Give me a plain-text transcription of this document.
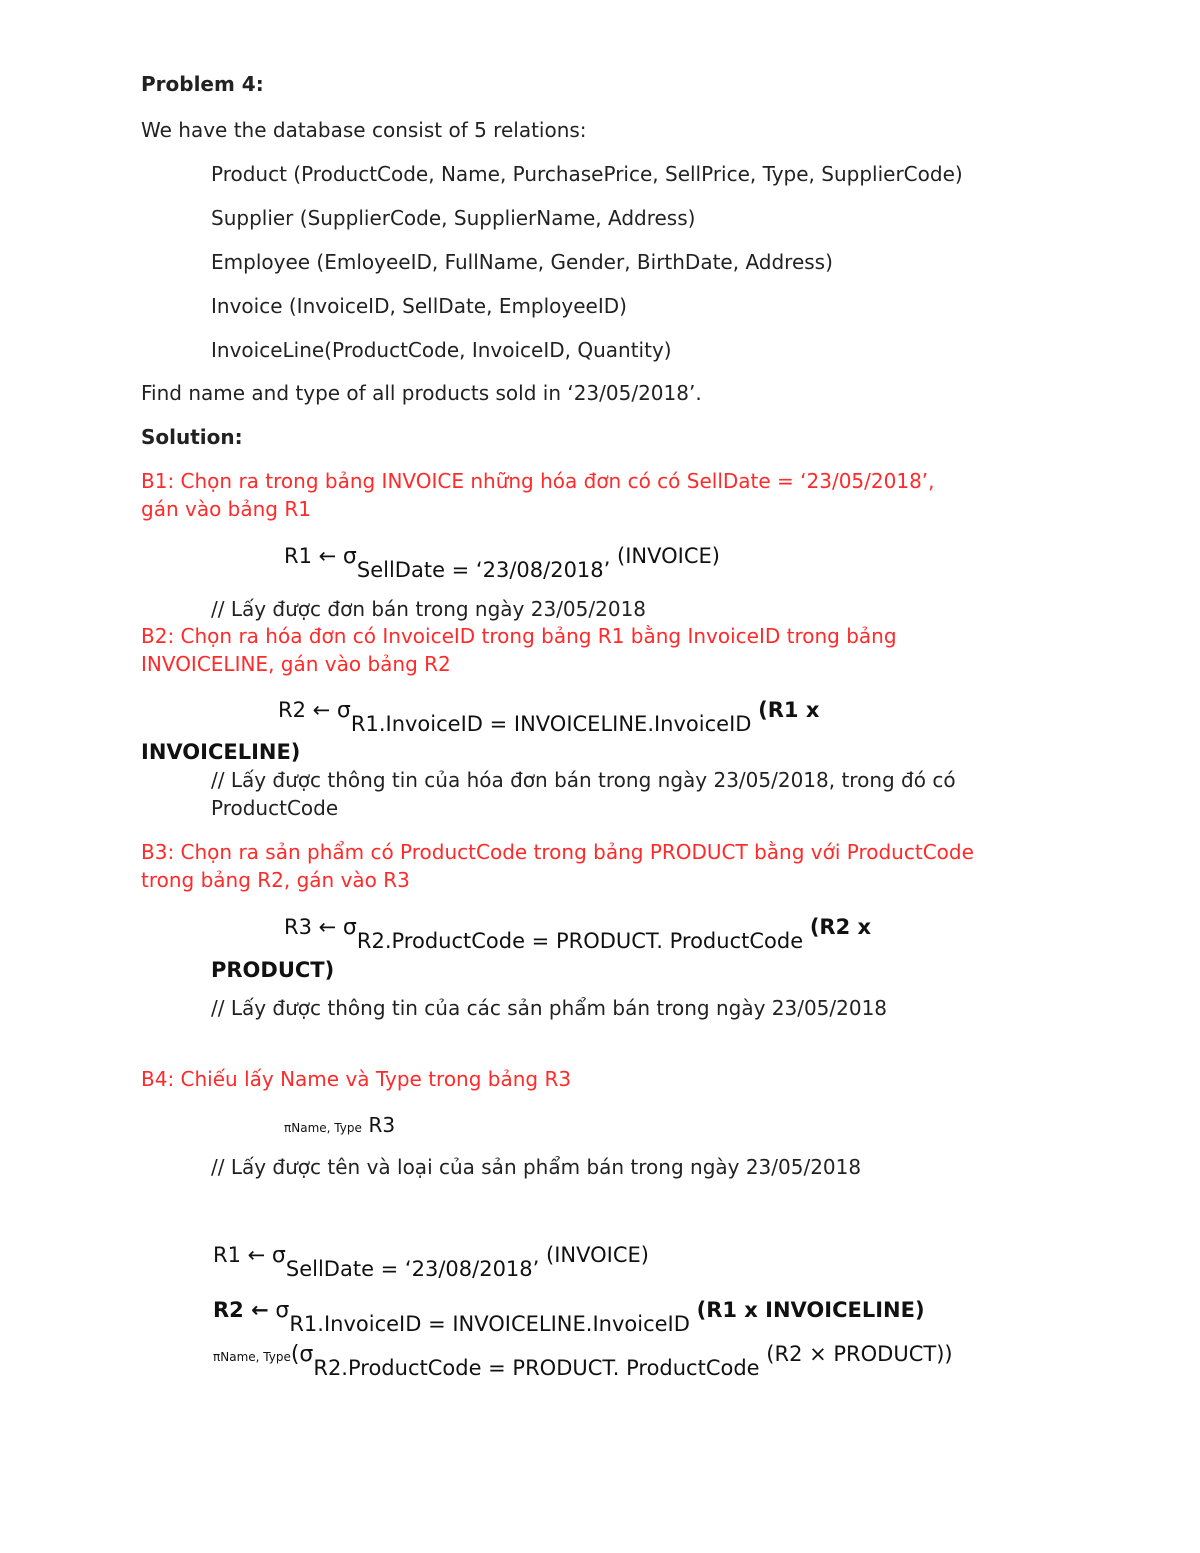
Problem 4:
We have the database consist of 5 relations:
Product (ProductCode, Name, PurchasePrice, SellPrice, Type, SupplierCode)
Supplier (SupplierCode, SupplierName, Address)
Employee (EmloyeeID, FullName, Gender, BirthDate, Address)
Invoice (InvoiceID, SellDate, EmployeeID)
InvoiceLine(ProductCode, InvoiceID, Quantity)
Find name and type of all products sold in ‘23/05/2018’.
Solution:
B1: Chọn ra trong bảng INVOICE những hóa đơn có có SellDate = ‘23/05/2018’,
gán vào bảng R1
R1 ← σSellDate = ‘23/08/2018’ (INVOICE)
// Lấy được đơn bán trong ngày 23/05/2018
B2: Chọn ra hóa đơn có InvoiceID trong bảng R1 bằng InvoiceID trong bảng
INVOICELINE, gán vào bảng R2
R2 ← σR1.InvoiceID = INVOICELINE.InvoiceID (R1 x
INVOICELINE)
// Lấy được thông tin của hóa đơn bán trong ngày 23/05/2018, trong đó có
ProductCode
B3: Chọn ra sản phẩm có ProductCode trong bảng PRODUCT bằng với ProductCode
trong bảng R2, gán vào R3
R3 ← σR2.ProductCode = PRODUCT. ProductCode (R2 x
PRODUCT)
// Lấy được thông tin của các sản phẩm bán trong ngày 23/05/2018
B4: Chiếu lấy Name và Type trong bảng R3
πName, Type R3
// Lấy được tên và loại của sản phẩm bán trong ngày 23/05/2018
R1 ← σSellDate = ‘23/08/2018’ (INVOICE)
R2 ← σR1.InvoiceID = INVOICELINE.InvoiceID (R1 x INVOICELINE)
πName, Type(σR2.ProductCode = PRODUCT. ProductCode (R2 × PRODUCT))
